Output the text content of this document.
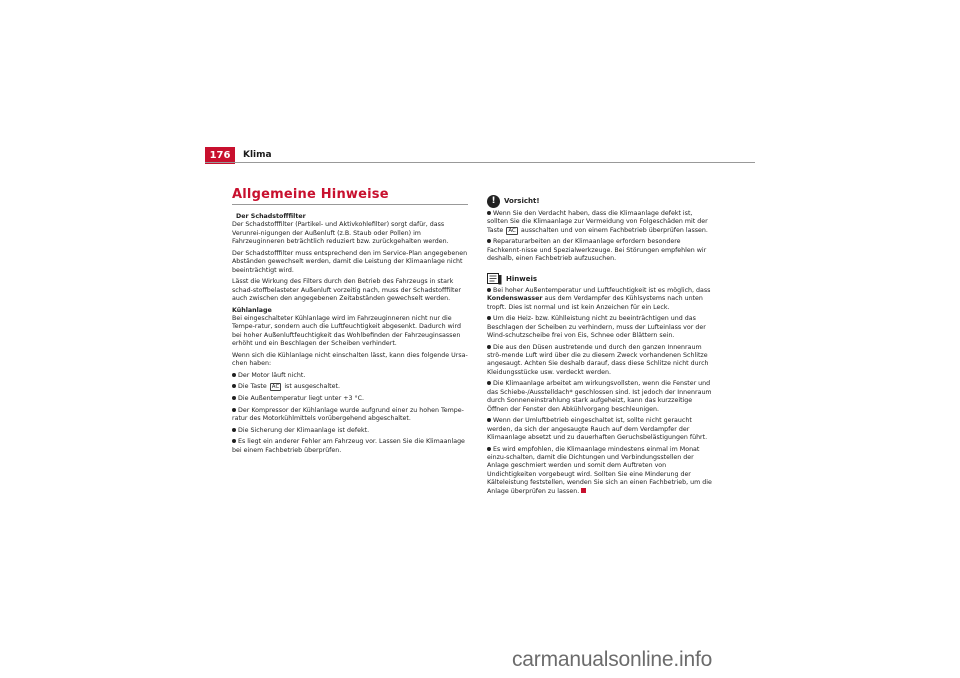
176	Klima
Allgemeine Hinweise

Der Schadstofffilter

Der Schadstofffilter (Partikel- und Aktivkohlefilter) sorgt dafür, dass Verunrei-nigungen der Außenluft (z.B. Staub oder Pollen) im Fahrzeuginneren beträchtlich reduziert bzw. zurückgehalten werden.

Der Schadstofffilter muss entsprechend den im Service-Plan angegebenen Abständen gewechselt werden, damit die Leistung der Klimaanlage nicht beeinträchtigt wird.

Lässt die Wirkung des Filters durch den Betrieb des Fahrzeugs in stark schad-stoffbelasteter Außenluft vorzeitig nach, muss der Schadstofffilter auch zwischen den angegebenen Zeitabständen gewechselt werden.

Kühlanlage

Bei eingeschalteter Kühlanlage wird im Fahrzeuginneren nicht nur die Tempe-ratur, sondern auch die Luftfeuchtigkeit abgesenkt. Dadurch wird bei hoher Außenluftfeuchtigkeit das Wohlbefinden der Fahrzeuginsassen erhöht und ein Beschlagen der Scheiben verhindert.

Wenn sich die Kühlanlage nicht einschalten lässt, kann dies folgende Ursa-chen haben:

Der Motor läuft nicht.

Die Taste AC ist ausgeschaltet.

Die Außentemperatur liegt unter +3 °C.

Der Kompressor der Kühlanlage wurde aufgrund einer zu hohen Tempe-ratur des Motorkühlmittels vorübergehend abgeschaltet.

Die Sicherung der Klimaanlage ist defekt.

Es liegt ein anderer Fehler am Fahrzeug vor. Lassen Sie die Klimaanlage bei einem Fachbetrieb überprüfen.

!	Vorsicht!

Wenn Sie den Verdacht haben, dass die Klimaanlage defekt ist, sollten Sie die Klimaanlage zur Vermeidung von Folgeschäden mit der Taste AC ausschalten und von einem Fachbetrieb überprüfen lassen.

Reparaturarbeiten an der Klimaanlage erfordern besondere Fachkennt-nisse und Spezialwerkzeuge. Bei Störungen empfehlen wir deshalb, einen Fachbetrieb aufzusuchen.

Hinweis

Bei hoher Außentemperatur und Luftfeuchtigkeit ist es möglich, dass Kondenswasser aus dem Verdampfer des Kühlsystems nach unten tropft. Dies ist normal und ist kein Anzeichen für ein Leck.

Um die Heiz- bzw. Kühlleistung nicht zu beeinträchtigen und das Beschlagen der Scheiben zu verhindern, muss der Lufteinlass vor der Wind-schutzscheibe frei von Eis, Schnee oder Blättern sein.

Die aus den Düsen austretende und durch den ganzen Innenraum strö-mende Luft wird über die zu diesem Zweck vorhandenen Schlitze angesaugt. Achten Sie deshalb darauf, dass diese Schlitze nicht durch Kleidungsstücke usw. verdeckt werden.

Die Klimaanlage arbeitet am wirkungsvollsten, wenn die Fenster und das Schiebe-/Ausstelldach* geschlossen sind. Ist jedoch der Innenraum durch Sonneneinstrahlung stark aufgeheizt, kann das kurzzeitige Öffnen der Fenster den Abkühlvorgang beschleunigen.

Wenn der Umluftbetrieb eingeschaltet ist, sollte nicht geraucht werden, da sich der angesaugte Rauch auf dem Verdampfer der Klimaanlage absetzt und zu dauerhaften Geruchsbelästigungen führt.

Es wird empfohlen, die Klimaanlage mindestens einmal im Monat einzu-schalten, damit die Dichtungen und Verbindungsstellen der Anlage geschmiert werden und somit dem Auftreten von Undichtigkeiten vorgebeugt wird. Sollten Sie eine Minderung der Kälteleistung feststellen, wenden Sie sich an einen Fachbetrieb, um die Anlage überprüfen zu lassen.

carmanualsonline.info
